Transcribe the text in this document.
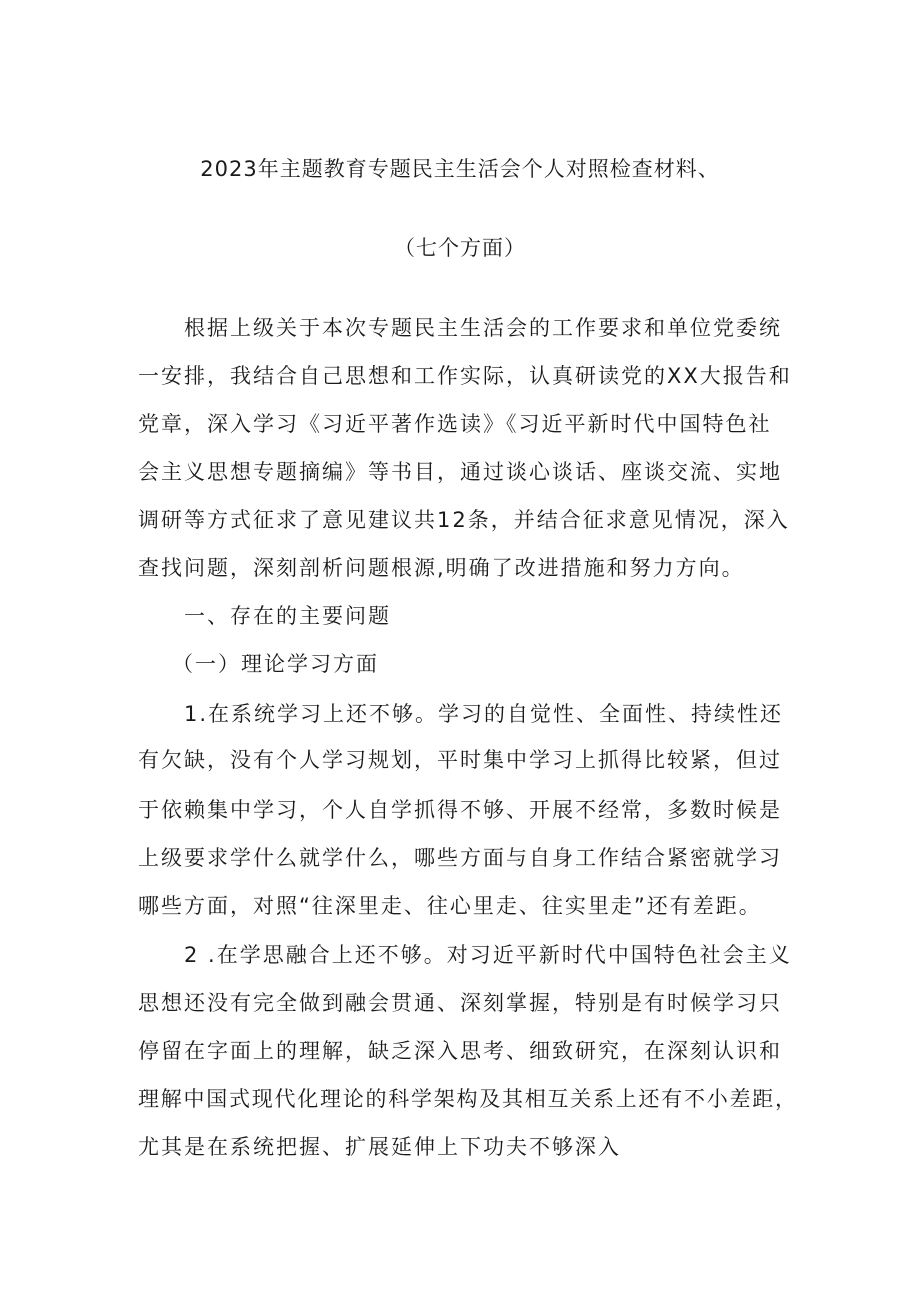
2023年主题教育专题民主生活会个人对照检查材料、
（七个方面）
根据上级关于本次专题民主生活会的工作要求和单位党委统
一安排，我结合自己思想和工作实际，认真研读党的XX大报告和
党章，深入学习《习近平著作选读》《习近平新时代中国特色社
会主义思想专题摘编》等书目，通过谈心谈话、座谈交流、实地
调研等方式征求了意见建议共12条，并结合征求意见情况，深入
查找问题，深刻剖析问题根源,明确了改进措施和努力方向。
一、存在的主要问题
（一）理论学习方面
1.在系统学习上还不够。学习的自觉性、全面性、持续性还
有欠缺，没有个人学习规划，平时集中学习上抓得比较紧，但过
于依赖集中学习，个人自学抓得不够、开展不经常，多数时候是
上级要求学什么就学什么，哪些方面与自身工作结合紧密就学习
哪些方面，对照“往深里走、往心里走、往实里走”还有差距。
2 .在学思融合上还不够。对习近平新时代中国特色社会主义
思想还没有完全做到融会贯通、深刻掌握，特别是有时候学习只
停留在字面上的理解，缺乏深入思考、细致研究，在深刻认识和
理解中国式现代化理论的科学架构及其相互关系上还有不小差距，
尤其是在系统把握、扩展延伸上下功夫不够深入
